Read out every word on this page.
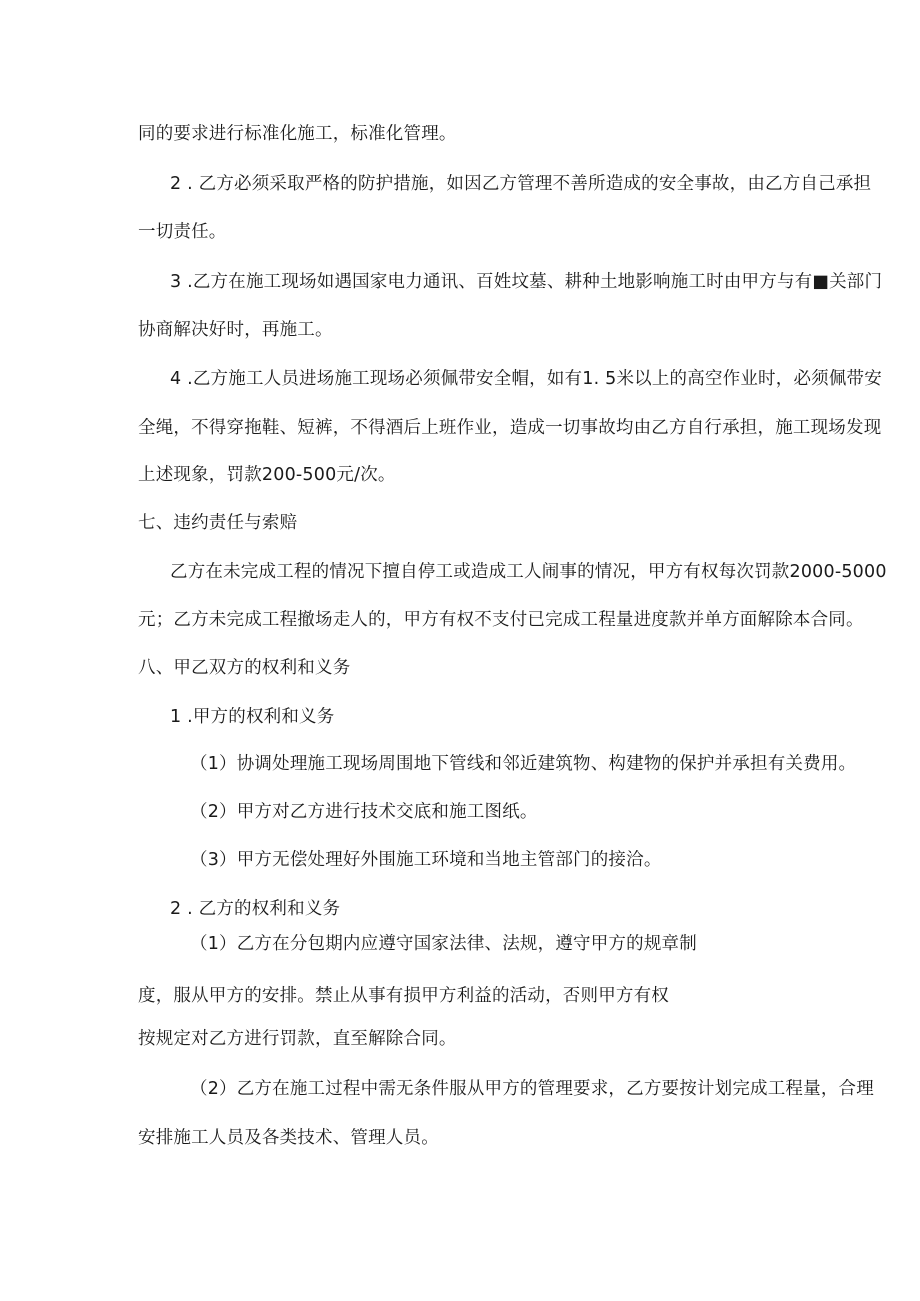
同的要求进行标准化施工，标准化管理。

2 . 乙方必须采取严格的防护措施，如因乙方管理不善所造成的安全事故，由乙方自己承担

一切责任。

3 .乙方在施工现场如遇国家电力通讯、百姓坟墓、耕种土地影响施工时由甲方与有■关部门

协商解决好时，再施工。

4 .乙方施工人员进场施工现场必须佩带安全帽，如有1. 5米以上的高空作业时，必须佩带安

全绳，不得穿拖鞋、短裤，不得酒后上班作业，造成一切事故均由乙方自行承担，施工现场发现

上述现象，罚款200-500元/次。

七、违约责任与索赔

乙方在未完成工程的情况下擅自停工或造成工人闹事的情况，甲方有权每次罚款2000-5000

元；乙方未完成工程撤场走人的，甲方有权不支付已完成工程量进度款并单方面解除本合同。

八、甲乙双方的权利和义务

1 .甲方的权利和义务

（1）协调处理施工现场周围地下管线和邻近建筑物、构建物的保护并承担有关费用。

（2）甲方对乙方进行技术交底和施工图纸。

（3）甲方无偿处理好外围施工环境和当地主管部门的接洽。

2 . 乙方的权利和义务

（1）乙方在分包期内应遵守国家法律、法规，遵守甲方的规章制

度，服从甲方的安排。禁止从事有损甲方利益的活动，否则甲方有权

按规定对乙方进行罚款，直至解除合同。

（2）乙方在施工过程中需无条件服从甲方的管理要求，乙方要按计划完成工程量，合理

安排施工人员及各类技术、管理人员。
